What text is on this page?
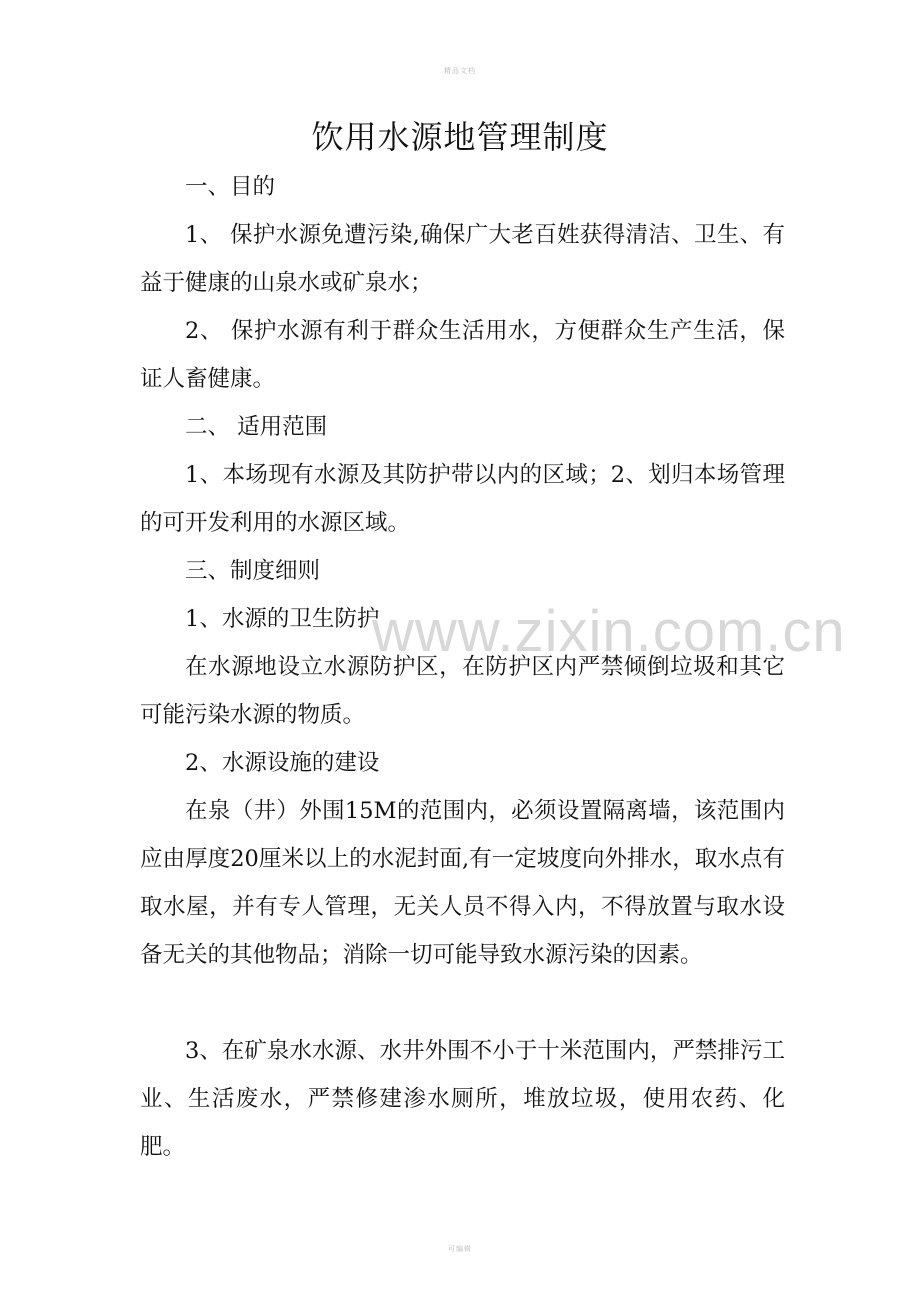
精品文档
www.zixin.com.cn
饮用水源地管理制度
一、目的
1、 保护水源免遭污染,确保广大老百姓获得清洁、卫生、有益于健康的山泉水或矿泉水；
2、 保护水源有利于群众生活用水，方便群众生产生活，保证人畜健康。
二、 适用范围
1、本场现有水源及其防护带以内的区域；2、划归本场管理的可开发利用的水源区域。
三、制度细则
1、水源的卫生防护
在水源地设立水源防护区，在防护区内严禁倾倒垃圾和其它可能污染水源的物质。
2、水源设施的建设
在泉（井）外围15M的范围内，必须设置隔离墙，该范围内应由厚度20厘米以上的水泥封面,有一定坡度向外排水，取水点有取水屋，并有专人管理，无关人员不得入内，不得放置与取水设备无关的其他物品；消除一切可能导致水源污染的因素。
3、在矿泉水水源、水井外围不小于十米范围内，严禁排污工业、生活废水，严禁修建渗水厕所，堆放垃圾，使用农药、化肥。
可编辑
